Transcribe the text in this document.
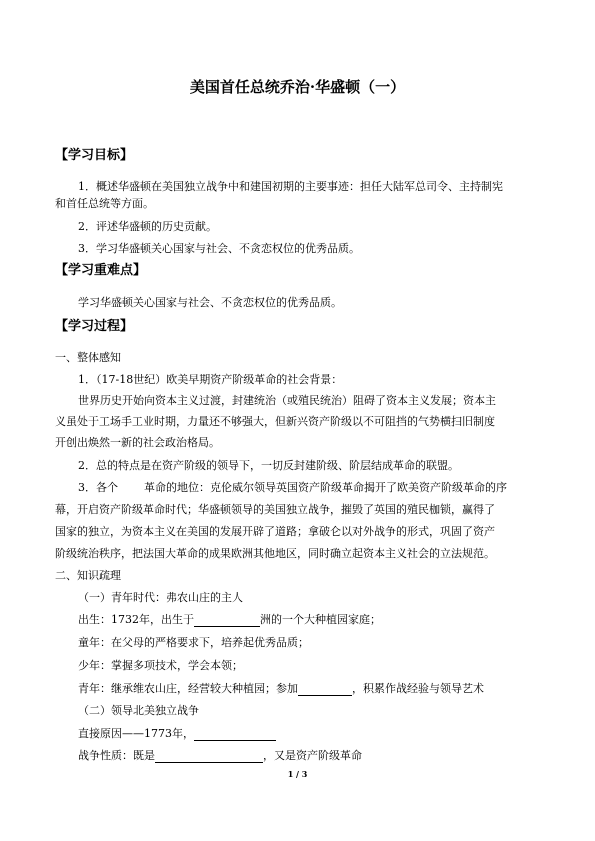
美国首任总统乔治·华盛顿（一）
【学习目标】
1．概述华盛顿在美国独立战争中和建国初期的主要事迹：担任大陆军总司令、主持制宪
和首任总统等方面。
2．评述华盛顿的历史贡献。
3．学习华盛顿关心国家与社会、不贪恋权位的优秀品质。
【学习重难点】
学习华盛顿关心国家与社会、不贪恋权位的优秀品质。
【学习过程】
一、整体感知
1．（17-18世纪）欧美早期资产阶级革命的社会背景：
世界历史开始向资本主义过渡，封建统治（或殖民统治）阻碍了资本主义发展；资本主
义虽处于工场手工业时期，力量还不够强大，但新兴资产阶级以不可阻挡的气势横扫旧制度
开创出焕然一新的社会政治格局。
2．总的特点是在资产阶级的领导下，一切反封建阶级、阶层结成革命的联盟。
3．各个 革命的地位：克伦威尔领导英国资产阶级革命揭开了欧美资产阶级革命的序
幕，开启资产阶级革命时代；华盛顿领导的美国独立战争，摧毁了英国的殖民枷锁，赢得了
国家的独立，为资本主义在美国的发展开辟了道路；拿破仑以对外战争的形式，巩固了资产
阶级统治秩序，把法国大革命的成果欧洲其他地区，同时确立起资本主义社会的立法规范。
二、知识疏理
（一）青年时代：弗农山庄的主人
出生：1732年，出生于	洲的一个大种植园家庭；
童年：在父母的严格要求下，培养起优秀品质；
少年：掌握多项技术，学会本领；
青年：继承维农山庄，经营较大种植园；参加	，积累作战经验与领导艺术
（二）领导北美独立战争
直接原因——1773年，
战争性质：既是	，又是资产阶级革命
1 / 3
